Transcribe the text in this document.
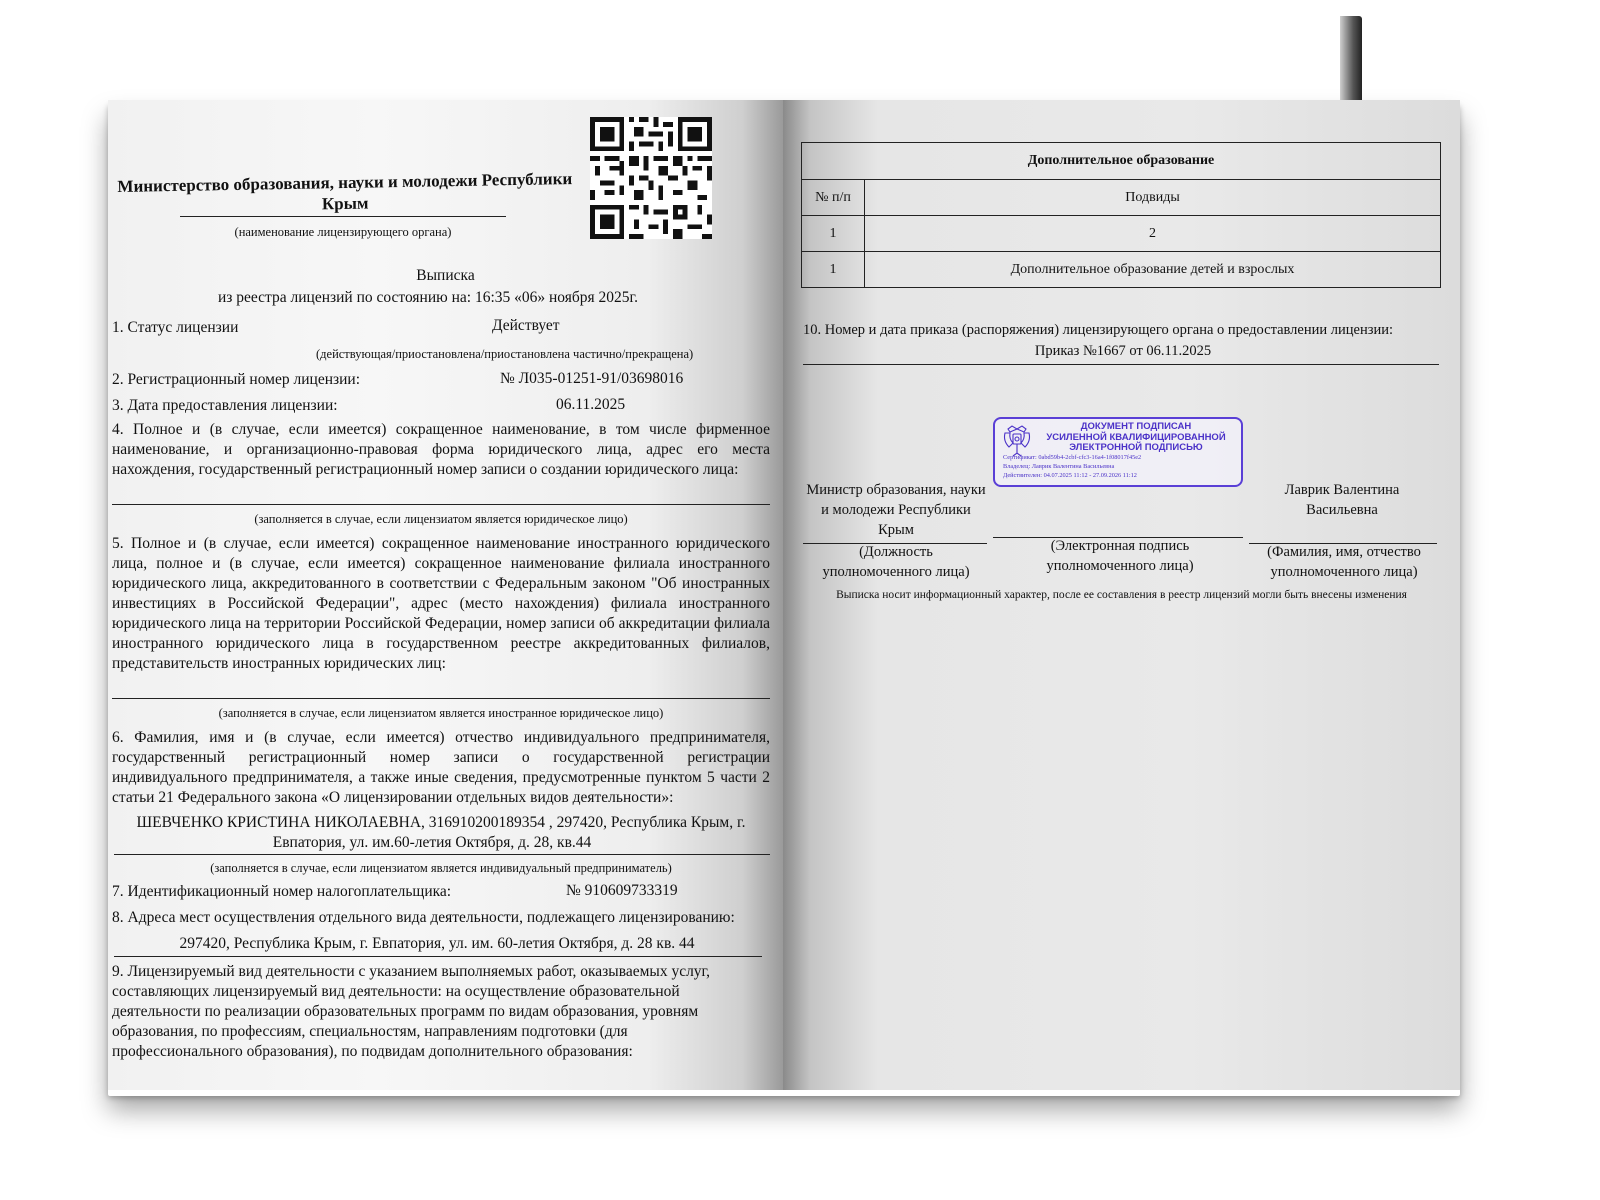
Министерство образования, науки и молодежи Республики Крым
(наименование лицензирующего органа)
Выписка
из реестра лицензий по состоянию на: 16:35 «06» ноября 2025г.
1. Статус лицензии	Действует
(действующая/приостановлена/приостановлена частично/прекращена)
2. Регистрационный номер лицензии:	№ Л035-01251-91/03698016
3. Дата предоставления лицензии:	06.11.2025
4. Полное и (в случае, если имеется) сокращенное наименование, в том числе фирменное наименование, и организационно-правовая форма юридического лица, адрес его места нахождения, государственный регистрационный номер записи о создании юридического лица:
(заполняется в случае, если лицензиатом является юридическое лицо)
5. Полное и (в случае, если имеется) сокращенное наименование иностранного юридического лица, полное и (в случае, если имеется) сокращенное наименование филиала иностранного юридического лица, аккредитованного в соответствии с Федеральным законом "Об иностранных инвестициях в Российской Федерации", адрес (место нахождения) филиала иностранного юридического лица на территории Российской Федерации, номер записи об аккредитации филиала иностранного юридического лица в государственном реестре аккредитованных филиалов, представительств иностранных юридических лиц:
(заполняется в случае, если лицензиатом является иностранное юридическое лицо)
6. Фамилия, имя и (в случае, если имеется) отчество индивидуального предпринимателя, государственный регистрационный номер записи о государственной регистрации индивидуального предпринимателя, а также иные сведения, предусмотренные пунктом 5 части 2 статьи 21 Федерального закона «О лицензировании отдельных видов деятельности»:
ШЕВЧЕНКО КРИСТИНА НИКОЛАЕВНА, 316910200189354 , 297420, Республика Крым, г.
Евпатория, ул. им.60-летия Октября, д. 28, кв.44
(заполняется в случае, если лицензиатом является индивидуальный предприниматель)
7. Идентификационный номер налогоплательщика:	№ 910609733319
8. Адреса мест осуществления отдельного вида деятельности, подлежащего лицензированию:
297420, Республика Крым, г. Евпатория, ул. им. 60-летия Октября, д. 28 кв. 44
9. Лицензируемый вид деятельности с указанием выполняемых работ, оказываемых услуг, составляющих лицензируемый вид деятельности: на осуществление образовательной деятельности по реализации образовательных программ по видам образования, уровням образования, по профессиям, специальностям, направлениям подготовки (для профессионального образования), по подвидам дополнительного образования:
Дополнительное образование	
№ п/п	Подвиды
1	2
1	Дополнительное образование детей и взрослых
10. Номер и дата приказа (распоряжения) лицензирующего органа о предоставлении лицензии:
Приказ №1667 от 06.11.2025
ДОКУМЕНТ ПОДПИСАН
УСИЛЕННОЙ КВАЛИФИЦИРОВАННОЙ
ЭЛЕКТРОННОЙ ПОДПИСЬЮ
Сертификат: 0abd59b4-2cbf-cfc3-16a4-1f08017f45e2
Владелец: Лаврик Валентина Васильевна
Действителен: 04.07.2025 11:12 - 27.09.2026 11:12
Министр образования, науки
и молодежи Республики
Крым
Лаврик Валентина
Васильевна
(Должность
уполномоченного лица)
(Электронная подпись
уполномоченного лица)
(Фамилия, имя, отчество
уполномоченного лица)
Выписка носит информационный характер, после ее составления в реестр лицензий могли быть внесены изменения
